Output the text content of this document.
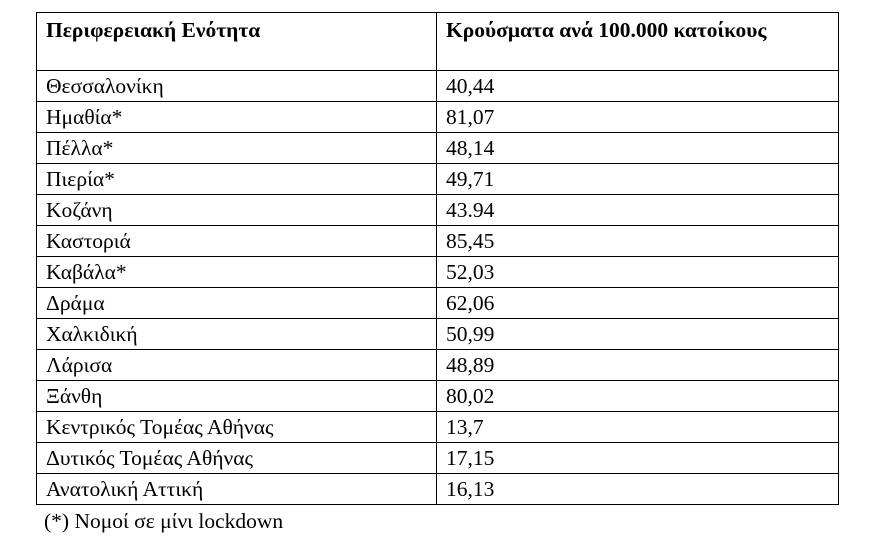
Περιφερειακή Ενότητα	Κρούσματα ανά 100.000 κατοίκους
Θεσσαλονίκη	40,44
Ημαθία*	81,07
Πέλλα*	48,14
Πιερία*	49,71
Κοζάνη	43.94
Καστοριά	85,45
Καβάλα*	52,03
Δράμα	62,06
Χαλκιδική	50,99
Λάρισα	48,89
Ξάνθη	80,02
Κεντρικός Τομέας Αθήνας	13,7
Δυτικός Τομέας Αθήνας	17,15
Ανατολική Αττική	16,13
(*) Νομοί σε μίνι lockdown
